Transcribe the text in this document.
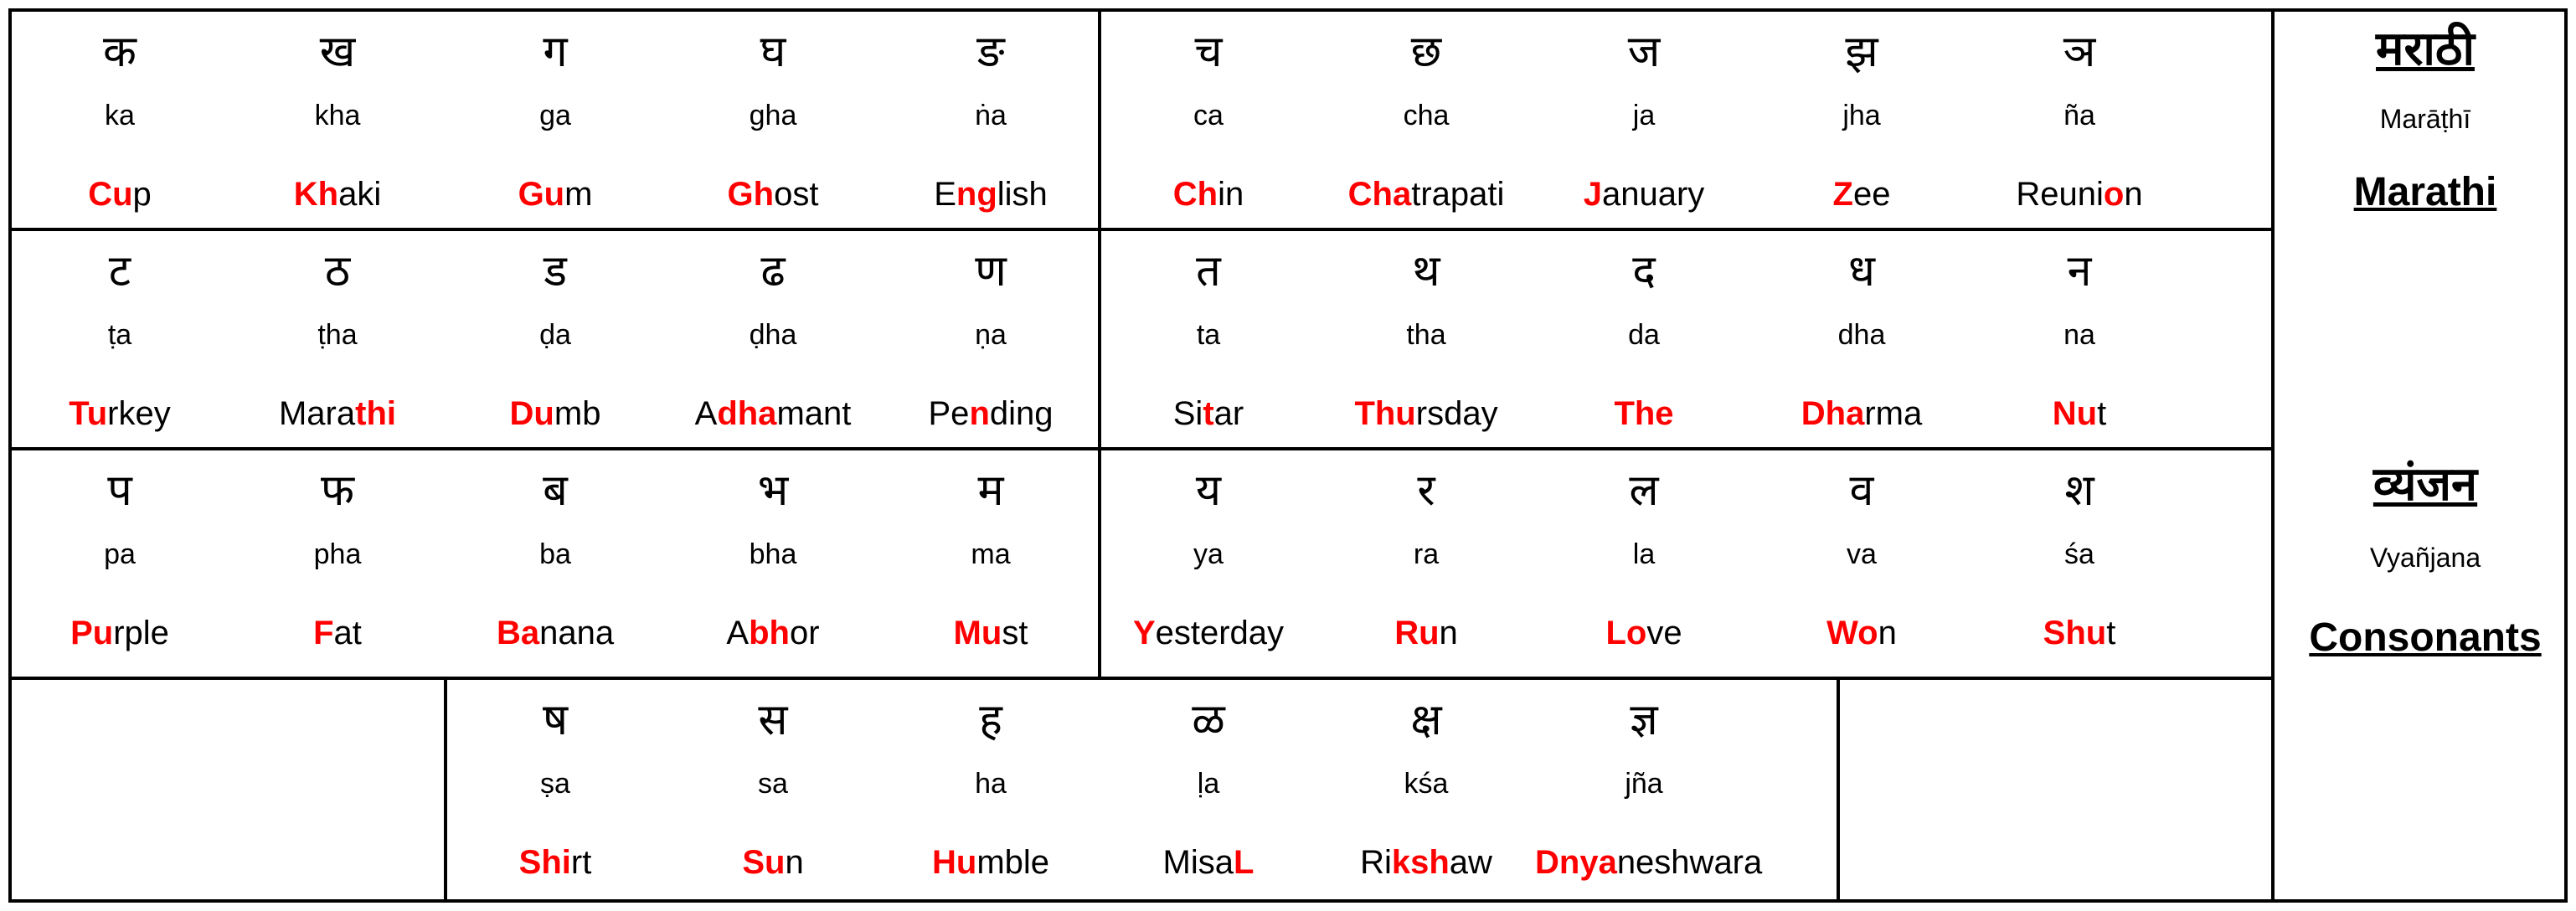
मराठी
Marāṭhī
Marathi
व्यंजन
Vyañjana
Consonants
क
ka
Cup
ख
kha
Khaki
ग
ga
Gum
घ
gha
Ghost
ङ
ṅa
English
च
ca
Chin
छ
cha
Chatrapati
ज
ja
January
झ
jha
Zee
ञ
ña
Reunion
ट
ṭa
Turkey
ठ
ṭha
Marathi
ड
ḍa
Dumb
ढ
ḍha
Adhamant
ण
ṇa
Pending
त
ta
Sitar
थ
tha
Thursday
द
da
The
ध
dha
Dharma
न
na
Nut
प
pa
Purple
फ
pha
Fat
ब
ba
Banana
भ
bha
Abhor
म
ma
Must
य
ya
Yesterday
र
ra
Run
ल
la
Love
व
va
Won
श
śa
Shut
ष
ṣa
Shirt
स
sa
Sun
ह
ha
Humble
ळ
ḷa
MisaL
क्ष
kśa
Rikshaw
ज्ञ
jña
Dnyaneshwara
